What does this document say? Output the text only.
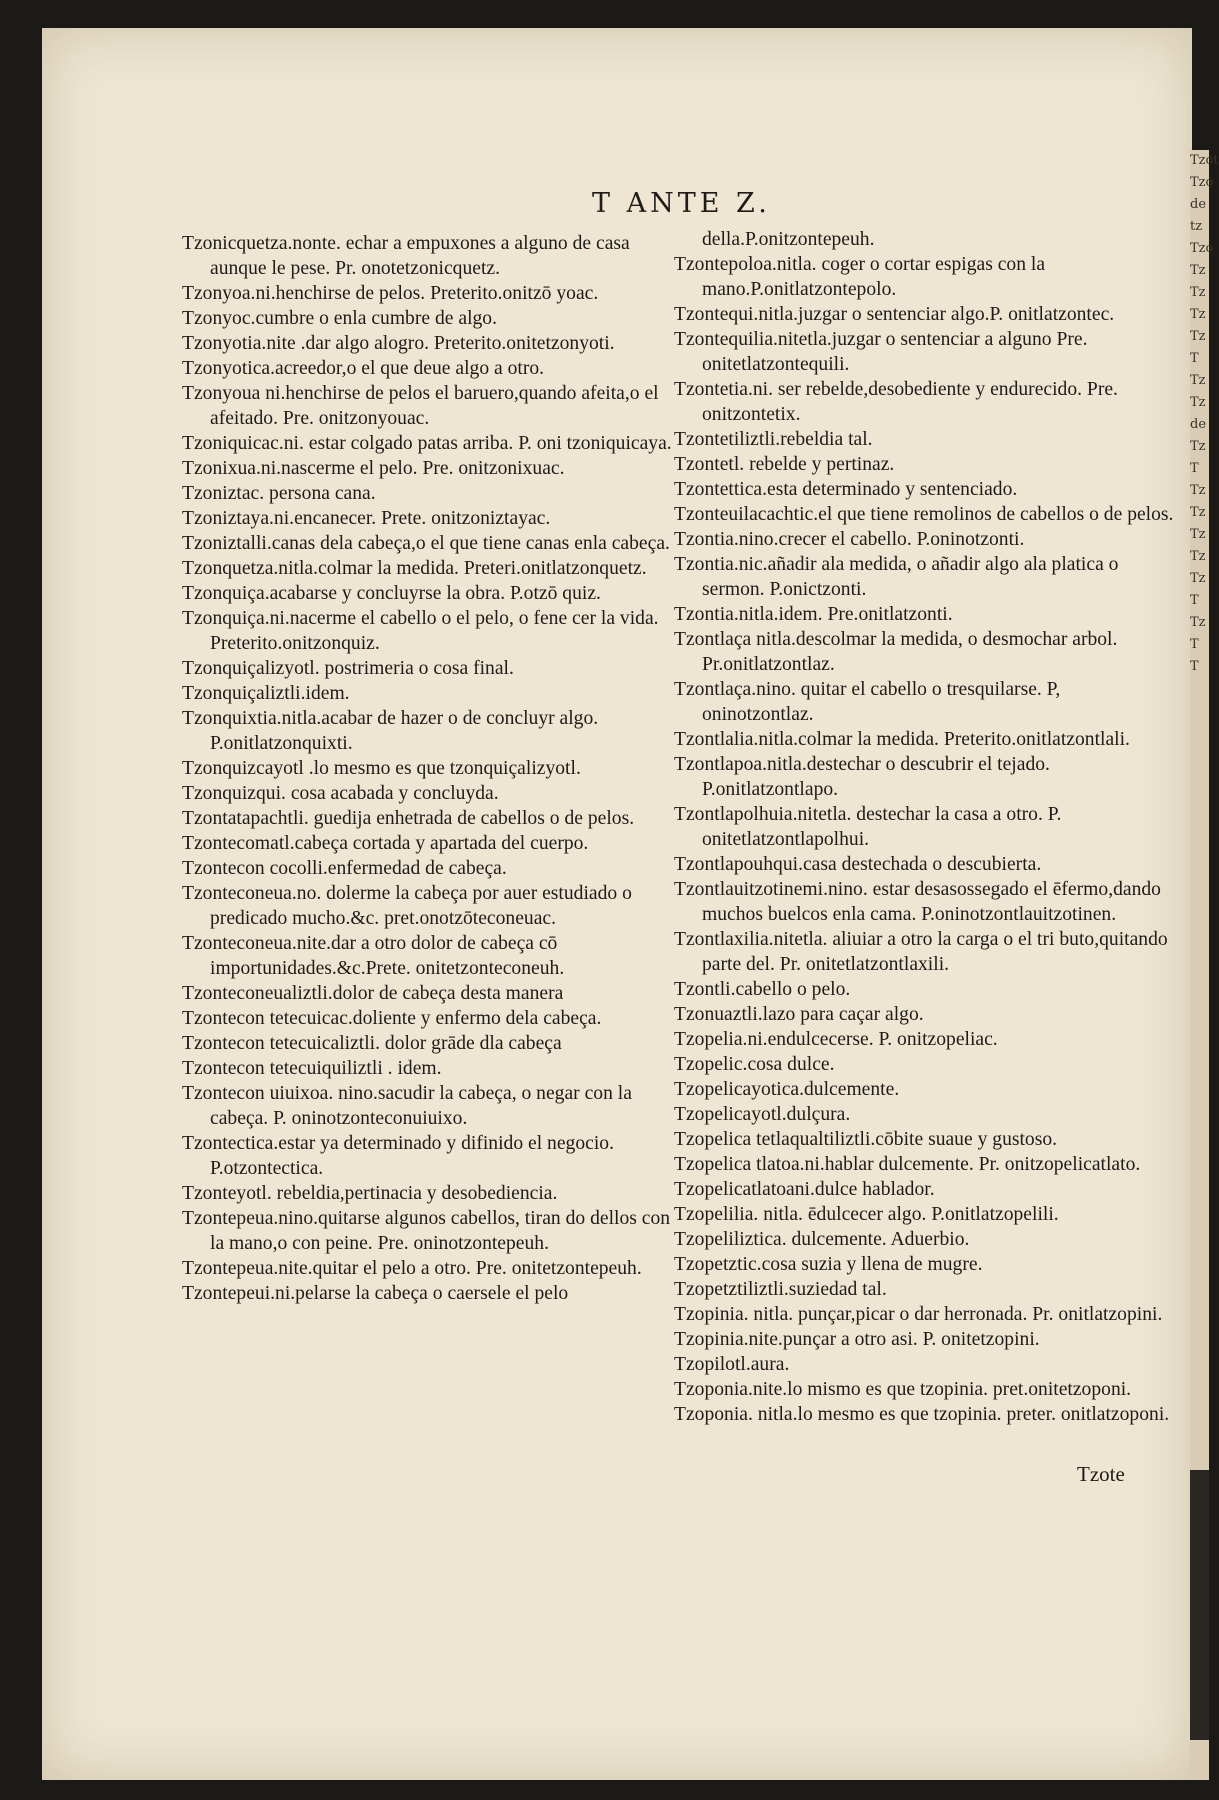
T ANTE Z.

Tzonicquetza.nonte. echar a empuxones a alguno de casa aunque le pese. Pr. onotetzonicquetz.

Tzonyoa.ni.henchirse de pelos. Preterito.onitzō yoac.

Tzonyoc.cumbre o enla cumbre de algo.

Tzonyotia.nite .dar algo alogro. Preterito.onitetzonyoti.

Tzonyotica.acreedor,o el que deue algo a otro.

Tzonyoua ni.henchirse de pelos el baruero,quando afeita,o el afeitado. Pre. onitzonyouac.

Tzoniquicac.ni. estar colgado patas arriba. P. oni tzoniquicaya.

Tzonixua.ni.nascerme el pelo. Pre. onitzonixuac.

Tzoniztac. persona cana.

Tzoniztaya.ni.encanecer. Prete. onitzoniztayac.

Tzoniztalli.canas dela cabeça,o el que tiene canas enla cabeça.

Tzonquetza.nitla.colmar la medida. Preteri.onitlatzonquetz.

Tzonquiça.acabarse y concluyrse la obra. P.otzō quiz.

Tzonquiça.ni.nacerme el cabello o el pelo, o fene cer la vida. Preterito.onitzonquiz.

Tzonquiçalizyotl. postrimeria o cosa final.

Tzonquiçaliztli.idem.

Tzonquixtia.nitla.acabar de hazer o de concluyr algo. P.onitlatzonquixti.

Tzonquizcayotl .lo mesmo es que tzonquiçalizyotl.

Tzonquizqui. cosa acabada y concluyda.

Tzontatapachtli. guedija enhetrada de cabellos o de pelos.

Tzontecomatl.cabeça cortada y apartada del cuerpo.

Tzontecon cocolli.enfermedad de cabeça.

Tzonteconeua.no. dolerme la cabeça por auer estudiado o predicado mucho.&c. pret.onotzōteconeuac.

Tzonteconeua.nite.dar a otro dolor de cabeça cō importunidades.&c.Prete. onitetzonteconeuh.

Tzonteconeualiztli.dolor de cabeça desta manera

Tzontecon tetecuicac.doliente y enfermo dela cabeça.

Tzontecon tetecuicaliztli. dolor grāde dla cabeça

Tzontecon tetecuiquiliztli . idem.

Tzontecon uiuixoa. nino.sacudir la cabeça, o negar con la cabeça. P. oninotzonteconuiuixo.

Tzontectica.estar ya determinado y difinido el negocio. P.otzontectica.

Tzonteyotl. rebeldia,pertinacia y desobediencia.

Tzontepeua.nino.quitarse algunos cabellos, tiran do dellos con la mano,o con peine. Pre. oninotzontepeuh.

Tzontepeua.nite.quitar el pelo a otro. Pre. onitetzontepeuh.

Tzontepeui.ni.pelarse la cabeça o caersele el pelo

della.P.onitzontepeuh.

Tzontepoloa.nitla. coger o cortar espigas con la mano.P.onitlatzontepolo.

Tzontequi.nitla.juzgar o sentenciar algo.P. onitlatzontec.

Tzontequilia.nitetla.juzgar o sentenciar a alguno Pre. onitetlatzontequili.

Tzontetia.ni. ser rebelde,desobediente y endurecido. Pre. onitzontetix.

Tzontetiliztli.rebeldia tal.

Tzontetl. rebelde y pertinaz.

Tzontettica.esta determinado y sentenciado.

Tzonteuilacachtic.el que tiene remolinos de cabellos o de pelos.

Tzontia.nino.crecer el cabello. P.oninotzonti.

Tzontia.nic.añadir ala medida, o añadir algo ala platica o sermon. P.onictzonti.

Tzontia.nitla.idem. Pre.onitlatzonti.

Tzontlaça nitla.descolmar la medida, o desmochar arbol. Pr.onitlatzontlaz.

Tzontlaça.nino. quitar el cabello o tresquilarse. P, oninotzontlaz.

Tzontlalia.nitla.colmar la medida. Preterito.onitlatzontlali.

Tzontlapoa.nitla.destechar o descubrir el tejado. P.onitlatzontlapo.

Tzontlapolhuia.nitetla. destechar la casa a otro. P. onitetlatzontlapolhui.

Tzontlapouhqui.casa destechada o descubierta.

Tzontlauitzotinemi.nino. estar desasossegado el ēfermo,dando muchos buelcos enla cama. P.oninotzontlauitzotinen.

Tzontlaxilia.nitetla. aliuiar a otro la carga o el tri buto,quitando parte del. Pr. onitetlatzontlaxili.

Tzontli.cabello o pelo.

Tzonuaztli.lazo para caçar algo.

Tzopelia.ni.endulcecerse. P. onitzopeliac.

Tzopelic.cosa dulce.

Tzopelicayotica.dulcemente.

Tzopelicayotl.dulçura.

Tzopelica tetlaqualtiliztli.cōbite suaue y gustoso.

Tzopelica tlatoa.ni.hablar dulcemente. Pr. onitzopelicatlato.

Tzopelicatlatoani.dulce hablador.

Tzopelilia. nitla. ēdulcecer algo. P.onitlatzopelili.

Tzopeliliztica. dulcemente. Aduerbio.

Tzopetztic.cosa suzia y llena de mugre.

Tzopetztiliztli.suziedad tal.

Tzopinia. nitla. punçar,picar o dar herronada. Pr. onitlatzopini.

Tzopinia.nite.punçar a otro asi. P. onitetzopini.

Tzopilotl.aura.

Tzoponia.nite.lo mismo es que tzopinia. pret.onitetzoponi.

Tzoponia. nitla.lo mesmo es que tzopinia. preter. onitlatzoponi.

Tzote
Tzot
Tzo
de
tz
Tzo
Tz
Tz
Tz
Tz
T
Tz
Tz
de
Tz
T
Tz
Tz
Tz
Tz
Tz
T
Tz
T
T
